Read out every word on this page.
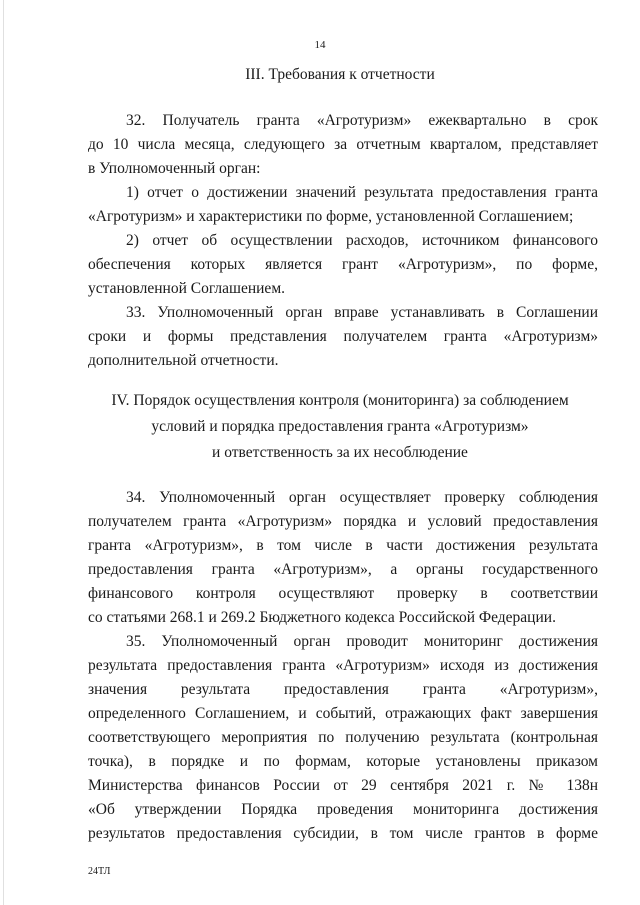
14
III. Требования к отчетности
32. Получатель гранта «Агротуризм» ежеквартально в срок
до 10 числа месяца, следующего за отчетным кварталом, представляет
в Уполномоченный орган:
1) отчет о достижении значений результата предоставления гранта
«Агротуризм» и характеристики по форме, установленной Соглашением;
2) отчет об осуществлении расходов, источником финансового
обеспечения которых является грант «Агротуризм», по форме,
установленной Соглашением.
33. Уполномоченный орган вправе устанавливать в Соглашении
сроки и формы представления получателем гранта «Агротуризм»
дополнительной отчетности.
IV. Порядок осуществления контроля (мониторинга) за соблюдением
условий и порядка предоставления гранта «Агротуризм»
и ответственность за их несоблюдение
34. Уполномоченный орган осуществляет проверку соблюдения
получателем гранта «Агротуризм» порядка и условий предоставления
гранта «Агротуризм», в том числе в части достижения результата
предоставления гранта «Агротуризм», а органы государственного
финансового контроля осуществляют проверку в соответствии
со статьями 268.1 и 269.2 Бюджетного кодекса Российской Федерации.
35. Уполномоченный орган проводит мониторинг достижения
результата предоставления гранта «Агротуризм» исходя из достижения
значения результата предоставления гранта «Агротуризм»,
определенного Соглашением, и событий, отражающих факт завершения
соответствующего мероприятия по получению результата (контрольная
точка), в порядке и по формам, которые установлены приказом
Министерства финансов России от 29 сентября 2021 г. № 138н
«Об утверждении Порядка проведения мониторинга достижения
результатов предоставления субсидии, в том числе грантов в форме
24ТЛ
